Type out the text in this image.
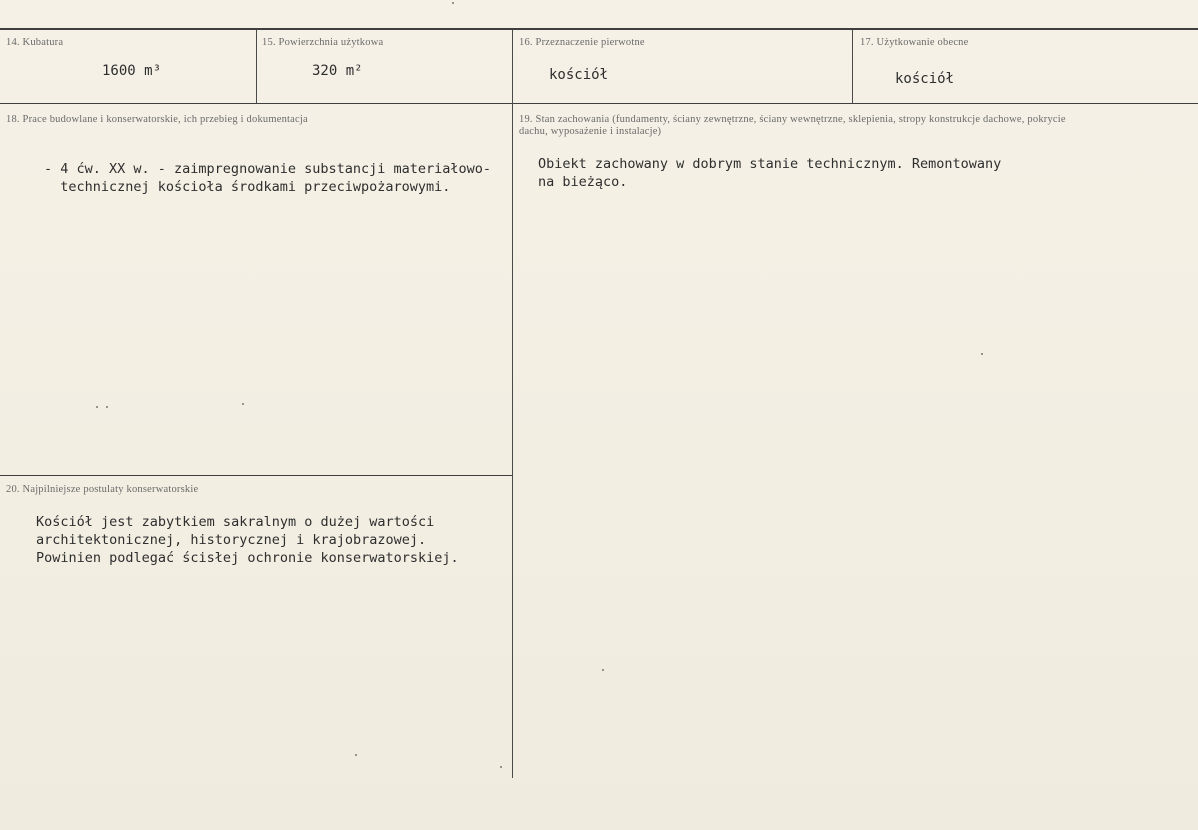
14. Kubatura
1600 m³
15. Powierzchnia użytkowa
320 m²
16. Przeznaczenie pierwotne
kościół
17. Użytkowanie obecne
kościół
18. Prace budowlane i konserwatorskie, ich przebieg i dokumentacja
- 4 ćw. XX w. - zaimpregnowanie substancji materiałowo-
technicznej kościoła środkami przeciwpożarowymi.
19. Stan zachowania (fundamenty, ściany zewnętrzne, ściany wewnętrzne, sklepienia, stropy konstrukcje dachowe, pokrycie dachu, wyposażenie i instalacje)
Obiekt zachowany w dobrym stanie technicznym. Remontowany
na bieżąco.
20. Najpilniejsze postulaty konserwatorskie
Kościół jest zabytkiem sakralnym o dużej wartości
architektonicznej, historycznej i krajobrazowej.
Powinien podlegać ścisłej ochronie konserwatorskiej.
